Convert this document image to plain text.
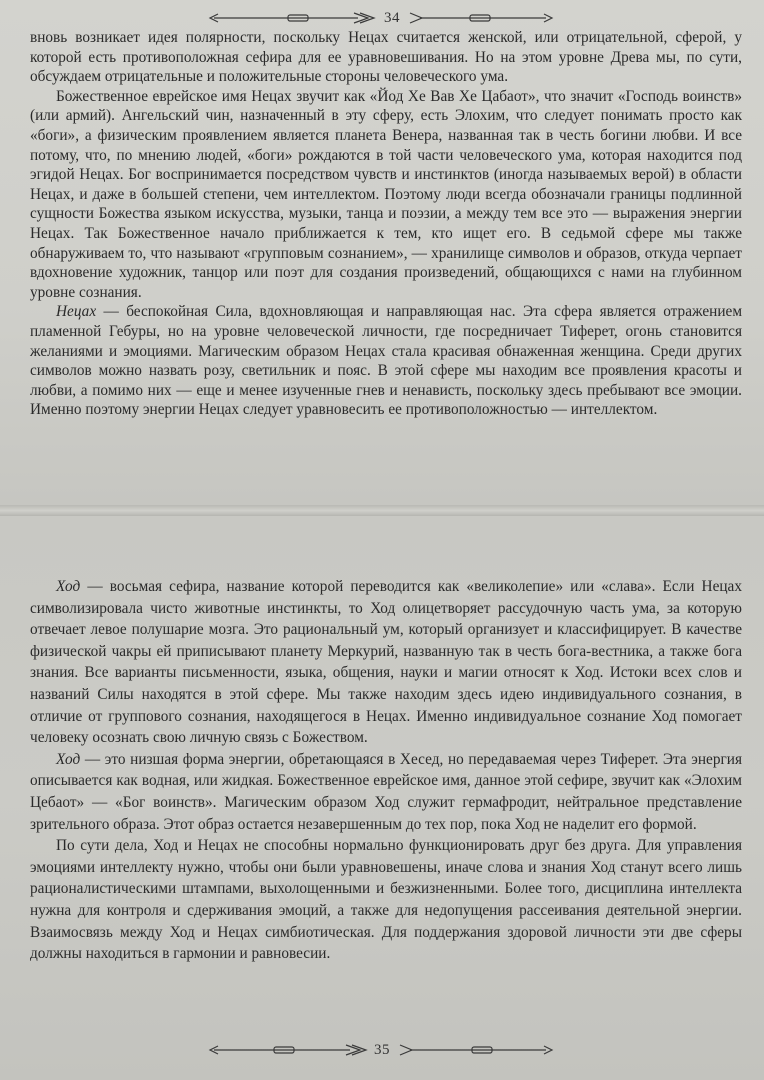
34

вновь возникает идея полярности, поскольку Нецах считается женской, или отрицательной, сферой, у которой есть противоположная сефира для ее уравновешивания. Но на этом уровне Древа мы, по сути, обсуждаем отрицательные и положительные стороны человеческого ума.

Божественное еврейское имя Нецах звучит как «Йод Хе Вав Хе Цабаот», что значит «Господь воинств» (или армий). Ангельский чин, назначенный в эту сферу, есть Элохим, что следует понимать просто как «боги», а физическим проявлением является планета Венера, названная так в честь богини любви. И все потому, что, по мнению людей, «боги» рождаются в той части человеческого ума, которая находится под эгидой Нецах. Бог воспринимается посредством чувств и инстинктов (иногда называемых верой) в области Нецах, и даже в большей степени, чем интеллектом. Поэтому люди всегда обозначали границы подлинной сущности Божества языком искусства, музыки, танца и поэзии, а между тем все это — выражения энергии Нецах. Так Божественное начало приближается к тем, кто ищет его. В седьмой сфере мы также обнаруживаем то, что называют «групповым сознанием», — хранилище символов и образов, откуда черпает вдохновение художник, танцор или поэт для создания произведений, общающихся с нами на глубинном уровне сознания.

Нецах — беспокойная Сила, вдохновляющая и направляющая нас. Эта сфера является отражением пламенной Гебуры, но на уровне человеческой личности, где посредничает Тиферет, огонь становится желаниями и эмоциями. Магическим образом Нецах стала красивая обнаженная женщина. Среди других символов можно назвать розу, светильник и пояс. В этой сфере мы находим все проявления красоты и любви, а помимо них — еще и менее изученные гнев и ненависть, поскольку здесь пребывают все эмоции. Именно поэтому энергии Нецах следует уравновесить ее противоположностью — интеллектом.

Ход — восьмая сефира, название которой переводится как «великолепие» или «слава». Если Нецах символизировала чисто животные инстинкты, то Ход олицетворяет рассудочную часть ума, за которую отвечает левое полушарие мозга. Это рациональный ум, который организует и классифицирует. В качестве физической чакры ей приписывают планету Меркурий, названную так в честь бога-вестника, а также бога знания. Все варианты письменности, языка, общения, науки и магии относят к Ход. Истоки всех слов и названий Силы находятся в этой сфере. Мы также находим здесь идею индивидуального сознания, в отличие от группового сознания, находящегося в Нецах. Именно индивидуальное сознание Ход помогает человеку осознать свою личную связь с Божеством.

Ход — это низшая форма энергии, обретающаяся в Хесед, но передаваемая через Тиферет. Эта энергия описывается как водная, или жидкая. Божественное еврейское имя, данное этой сефире, звучит как «Элохим Цебаот» — «Бог воинств». Магическим образом Ход служит гермафродит, нейтральное представление зрительного образа. Этот образ остается незавершенным до тех пор, пока Ход не наделит его формой.

По сути дела, Ход и Нецах не способны нормально функционировать друг без друга. Для управления эмоциями интеллекту нужно, чтобы они были уравновешены, иначе слова и знания Ход станут всего лишь рационалистическими штампами, выхолощенными и безжизненными. Более того, дисциплина интеллекта нужна для контроля и сдерживания эмоций, а также для недопущения рассеивания деятельной энергии. Взаимосвязь между Ход и Нецах симбиотическая. Для поддержания здоровой личности эти две сферы должны находиться в гармонии и равновесии.

35
